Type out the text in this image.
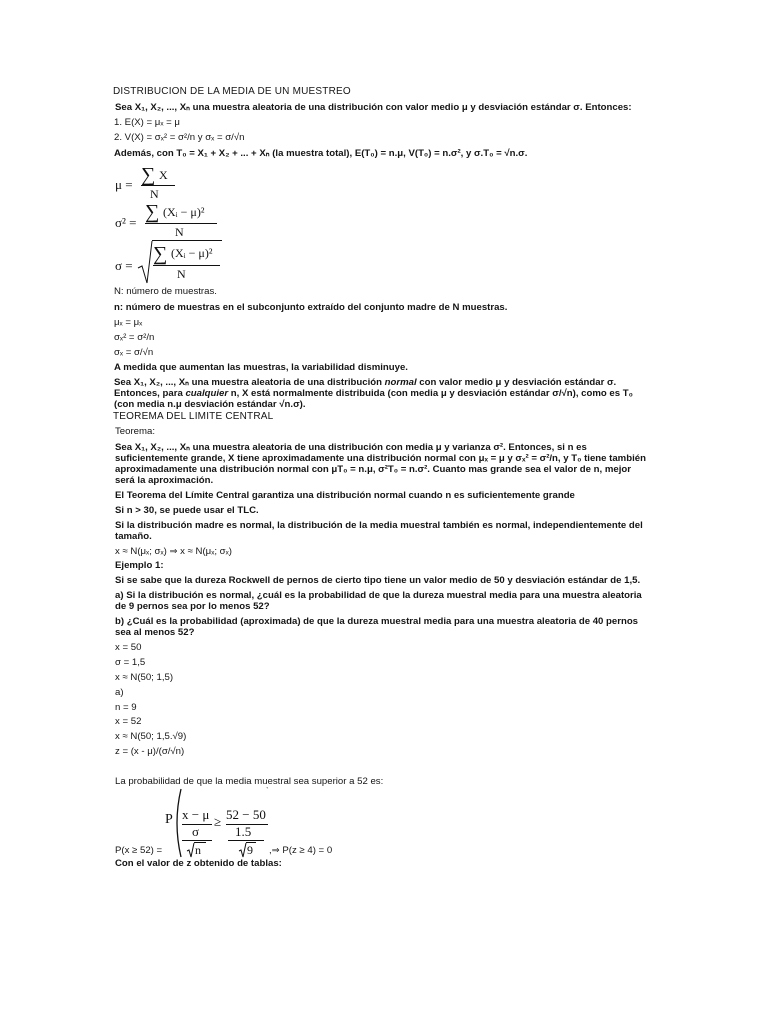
DISTRIBUCION DE LA MEDIA DE UN MUESTREO
Sea X₁, X₂, ..., Xₙ una muestra aleatoria de una distribución con valor medio μ y desviación estándar σ. Entonces:
1. E(X) = μₓ = μ
2. V(X) = σₓ² = σ²/n y σₓ = σ/√n
Además, con T₀ = X₁ + X₂ + ... + Xₙ (la muestra total), E(T₀) = n.μ, V(T₀) = n.σ², y σ.T₀ = √n.σ.
μ = ∑ X
N
σ² = ∑ (Xᵢ − μ)²
N
σ =
∑ (Xᵢ − μ)²
N
N: número de muestras.
n: número de muestras en el subconjunto extraído del conjunto madre de N muestras.
μₓ = μₓ
σₓ² = σ²/n
σₓ = σ/√n
A medida que aumentan las muestras, la variabilidad disminuye.
Sea X₁, X₂, ..., Xₙ una muestra aleatoria de una distribución normal con valor medio μ y desviación estándar σ.
Entonces, para cualquier n, X está normalmente distribuida (con media μ y desviación estándar σ/√n), como es T₀
(con media n.μ desviación estándar √n.σ).
TEOREMA DEL LIMITE CENTRAL
Teorema:
Sea X₁, X₂, ..., Xₙ una muestra aleatoria de una distribución con media μ y varianza σ². Entonces, si n es
suficientemente grande, X tiene aproximadamente una distribución normal con μₓ = μ y σₓ² = σ²/n, y T₀ tiene también
aproximadamente una distribución normal con μT₀ = n.μ, σ²T₀ = n.σ². Cuanto mas grande sea el valor de n, mejor
será la aproximación.
El Teorema del Límite Central garantiza una distribución normal cuando n es suficientemente grande
Si n > 30, se puede usar el TLC.
Si la distribución madre es normal, la distribución de la media muestral también es normal, independientemente del
tamaño.
x ≈ N(μₓ; σₓ) ⇒ x ≈ N(μₓ; σₓ)
Ejemplo 1:
Si se sabe que la dureza Rockwell de pernos de cierto tipo tiene un valor medio de 50 y desviación estándar de 1,5.
a) Si la distribución es normal, ¿cuál es la probabilidad de que la dureza muestral media para una muestra aleatoria
de 9 pernos sea por lo menos 52?
b) ¿Cuál es la probabilidad (aproximada) de que la dureza muestral media para una muestra aleatoria de 40 pernos
sea al menos 52?
x = 50
σ = 1,5
x ≈ N(50; 1,5)
a)
n = 9
x = 52
x ≈ N(50; 1,5.√9)
z = (x - μ)/(σ/√n)
La probabilidad de que la media muestral sea superior a 52 es:
P
`
x − μ
σ
n
≥ 52 − 50
1.5
9
P(x ≥ 52) =	,⇒ P(z ≥ 4) = 0
Con el valor de z obtenido de tablas:
